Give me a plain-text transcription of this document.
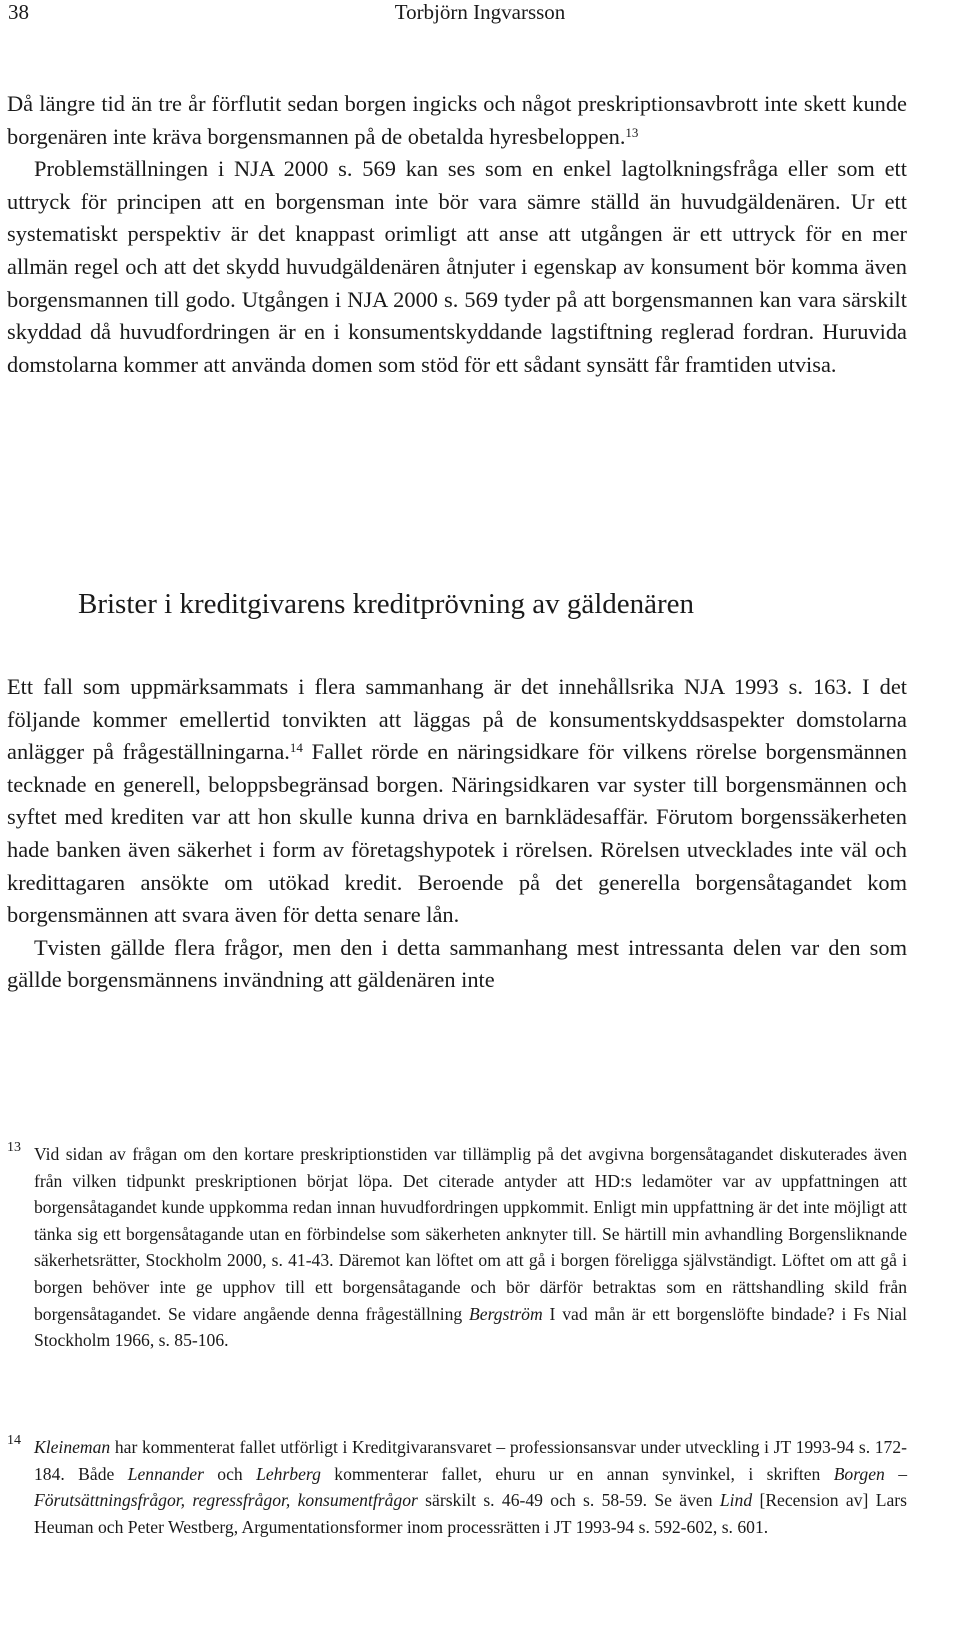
38	Torbjörn Ingvarsson

Då längre tid än tre år förflutit sedan borgen ingicks och något preskriptionsavbrott inte skett kunde borgenären inte kräva borgensmannen på de obetalda hyresbeloppen.$^{13}$

Problemställningen i NJA 2000 s. 569 kan ses som en enkel lagtolkningsfråga eller som ett uttryck för principen att en borgensman inte bör vara sämre ställd än huvudgäldenären. Ur ett systematiskt perspektiv är det knappast orimligt att anse att utgången är ett uttryck för en mer allmän regel och att det skydd huvudgäldenären åtnjuter i egenskap av konsument bör komma även borgensmannen till godo. Utgången i NJA 2000 s. 569 tyder på att borgensmannen kan vara särskilt skyddad då huvudfordringen är en i konsumentskyddande lagstiftning reglerad fordran. Huruvida domstolarna kommer att använda domen som stöd för ett sådant synsätt får framtiden utvisa.

Brister i kreditgivarens kreditprövning av gäldenären

Ett fall som uppmärksammats i flera sammanhang är det innehållsrika NJA 1993 s. 163. I det följande kommer emellertid tonvikten att läggas på de konsumentskyddsaspekter domstolarna anlägger på frågeställningarna.$^{14}$ Fallet rörde en näringsidkare för vilkens rörelse borgensmännen tecknade en generell, beloppsbegränsad borgen. Näringsidkaren var syster till borgensmännen och syftet med krediten var att hon skulle kunna driva en barnklädesaffär. Förutom borgenssäkerheten hade banken även säkerhet i form av företagshypotek i rörelsen. Rörelsen utvecklades inte väl och kredittagaren ansökte om utökad kredit. Beroende på det generella borgensåtagandet kom borgensmännen att svara även för detta senare lån.

Tvisten gällde flera frågor, men den i detta sammanhang mest intressanta delen var den som gällde borgensmännens invändning att gäldenären inte

13 Vid sidan av frågan om den kortare preskriptionstiden var tillämplig på det avgivna borgensåtagandet diskuterades även från vilken tidpunkt preskriptionen börjat löpa. Det citerade antyder att HD:s ledamöter var av uppfattningen att borgensåtagandet kunde uppkomma redan innan huvudfordringen uppkommit. Enligt min uppfattning är det inte möjligt att tänka sig ett borgensåtagande utan en förbindelse som säkerheten anknyter till. Se härtill min avhandling Borgensliknande säkerhetsrätter, Stockholm 2000, s. 41-43. Däremot kan löftet om att gå i borgen föreligga självständigt. Löftet om att gå i borgen behöver inte ge upphov till ett borgensåtagande och bör därför betraktas som en rättshandling skild från borgensåtagandet. Se vidare angående denna frågeställning Bergström I vad mån är ett borgenslöfte bindade? i Fs Nial Stockholm 1966, s. 85-106.
14 Kleineman har kommenterat fallet utförligt i Kreditgivaransvaret – professionsansvar under utveckling i JT 1993-94 s. 172-184. Både Lennander och Lehrberg kommenterar fallet, ehuru ur en annan synvinkel, i skriften Borgen – Förutsättningsfrågor, regressfrågor, konsumentfrågor särskilt s. 46-49 och s. 58-59. Se även Lind [Recension av] Lars Heuman och Peter Westberg, Argumentationsformer inom processrätten i JT 1993-94 s. 592-602, s. 601.
